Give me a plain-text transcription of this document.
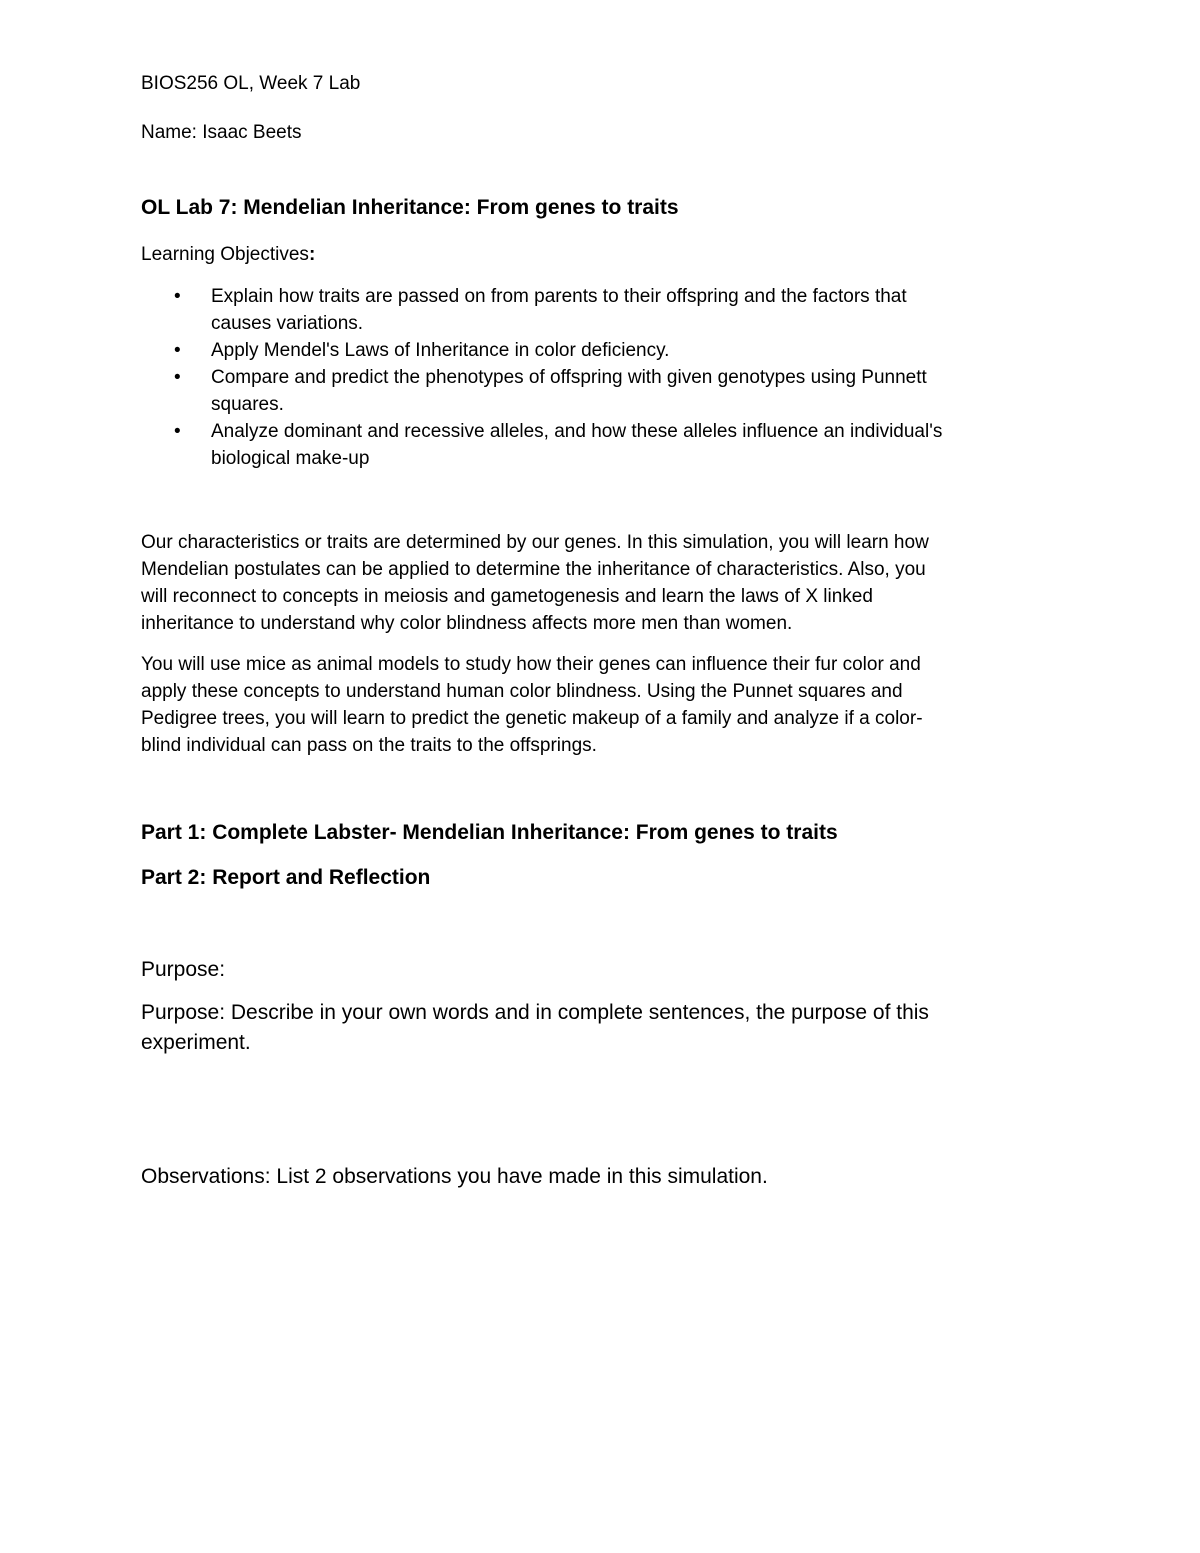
BIOS256 OL, Week 7 Lab

Name: Isaac Beets

OL Lab 7: Mendelian Inheritance: From genes to traits

Learning Objectives:

• Explain how traits are passed on from parents to their offspring and the factors that
causes variations.
• Apply Mendel's Laws of Inheritance in color deficiency.
• Compare and predict the phenotypes of offspring with given genotypes using Punnett
squares.
• Analyze dominant and recessive alleles, and how these alleles influence an individual's
biological make-up
Our characteristics or traits are determined by our genes. In this simulation, you will learn how
Mendelian postulates can be applied to determine the inheritance of characteristics. Also, you
will reconnect to concepts in meiosis and gametogenesis and learn the laws of X linked
inheritance to understand why color blindness affects more men than women.
You will use mice as animal models to study how their genes can influence their fur color and
apply these concepts to understand human color blindness. Using the Punnet squares and
Pedigree trees, you will learn to predict the genetic makeup of a family and analyze if a color-
blind individual can pass on the traits to the offsprings.

Part 1: Complete Labster- Mendelian Inheritance: From genes to traits

Part 2: Report and Reflection

Purpose:

Purpose: Describe in your own words and in complete sentences, the purpose of this
experiment.

Observations: List 2 observations you have made in this simulation.
